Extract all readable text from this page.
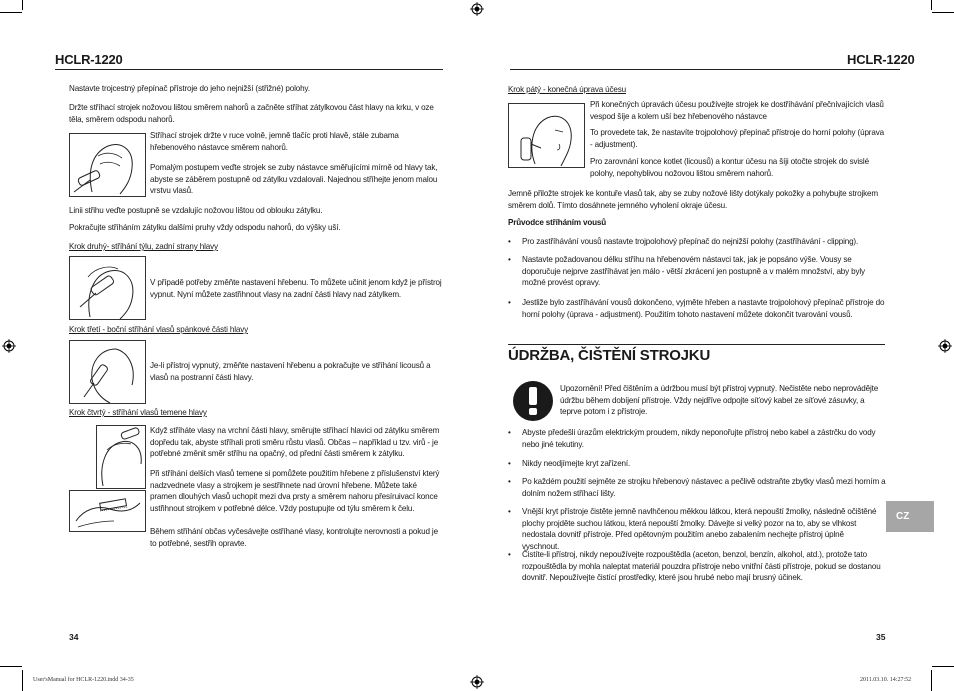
HCLR-1220	HCLR-1220
Nastavte trojcestný přepínač přístroje do jeho nejnižší (střižné) polohy.
Držte stříhací strojek nožovou lištou směrem nahorů a začněte stříhat zátylkovou část hlavy na krku, v oze těla, směrem odspodu nahorů.
Stříhací strojek držte v ruce volně, jemně tlačíc proti hlavě, stále zubama hřebenového nástavce směrem nahorů.
Pomalým postupem veďte strojek se zuby nástavce směřujícími mírně od hlavy tak, abyste se záběrem postupně od zátylku vzdalovali. Najednou stříhejte jenom malou vrstvu vlasů.
Linii střihu veďte postupně se vzdalujíc nožovou lištou od oblouku zátylku.
Pokračujte stříháním zátylku dalšími pruhy vždy odspodu nahorů, do výšky uší.
Krok druhý- stříhání týlu, zadní strany hlavy
V případě potřeby změňte nastavení hřebenu. To můžete učinit jenom když je přístroj vypnut. Nyní můžete zastřihnout vlasy na zadní části hlavy nad zátylkem.
Krok třetí - boční stříhání vlasů spánkové části hlavy
Je-li přístroj vypnutý, změňte nastavení hřebenu a pokračujte ve stříhání licousů a vlasů na postranní části hlavy.
Krok čtvrtý - stříhání vlasů temene hlavy
Když stříháte vlasy na vrchní části hlavy, směrujte stříhací hlavici od zátylku směrem dopředu tak, abyste stříhali proti směru růstu vlasů. Občas – například u tzv. virů - je potřebné změnit směr stříhu na opačný, od přední části směrem k zátylku.
Při stříhání delších vlasů temene si pomůžete použitím hřebene z příslušenství který nadzvednete vlasy a strojkem je sestřihnete nad úrovní hřebene. Můžete také pramen dlouhých vlasů uchopit mezi dva prsty a směrem nahoru přesíruivací konce ustřihnout strojkem v potřebné délce. Vždy postupujte od týlu směrem k čelu.
Během stříhání občas vyčesávejte ostříhané vlasy, kontrolujte nerovnosti a pokud je to potřebné, sestřih opravte.
34
Krok pátý - konečná úprava účesu
Při konečných úpravách účesu používejte strojek ke dostříhávání přečnívajících vlasů vespod šíje a kolem uší bez hřebenového nástavce
To provedete tak, že nastavíte trojpolohový přepínač přístroje do horní polohy (úprava - adjustment).
Pro zarovnání konce kotlet (licousů) a kontur účesu na šíji otočte strojek do svislé polohy, nepohyblivou nožovou lištou směrem nahorů.
Jemně přiložte strojek ke kontuře vlasů tak, aby se zuby nožové lišty dotýkaly pokožky a pohybujte strojkem směrem dolů. Tímto dosáhnete jemného vyholení okraje účesu.
Průvodce stříháním vousů
• Pro zastříhávání vousů nastavte trojpolohový přepínač do nejnižší polohy (zastříhávání - clipping).
• Nastavte požadovanou délku stříhu na hřebenovém nástavci tak, jak je popsáno výše. Vousy se doporučuje nejprve zastříhávat jen málo - větší zkrácení jen postupně a v malém množství, aby byly možné provést opravy.
• Jestliže bylo zastříhávání vousů dokončeno, vyjměte hřeben a nastavte trojpolohový přepínač přístroje do horní polohy (úprava - adjustment). Použitím tohoto nastavení můžete dokončit tvarování vousů.
ÚDRŽBA, ČIŠTĚNÍ STROJKU
Upozornění! Před čištěním a údržbou musí být přístroj vypnutý. Nečistěte nebo neprovádějte údržbu během dobíjení přístroje. Vždy nejdříve odpojte síťový kabel ze síťové zásuvky, a teprve potom i z přístroje.
• Abyste předešli úrazům elektrickým proudem, nikdy neponořujte přístroj nebo kabel a zástrčku do vody nebo jiné tekutiny.
• Nikdy neodjímejte kryt zařízení.
• Po každém použití sejměte ze strojku hřebenový nástavec a pečlivě odstraňte zbytky vlasů mezi horním a dolním nožem stříhací lišty.
• Vnější kryt přístroje čistěte jemně navlhčenou měkkou látkou, která nepouští žmolky, následně očištěné plochy projděte suchou látkou, která nepouští žmolky. Dávejte si velký pozor na to, aby se vlhkost nedostala dovnitř přístroje. Před opětovným použitím anebo zabalením nechejte přístroj úplně vyschnout.
• Čistíte-li přístroj, nikdy nepoužívejte rozpouštědla (aceton, benzol, benzín, alkohol, atd.), protože tato rozpouštědla by mohla naleptat materiál pouzdra přístroje nebo vnitřní části přístroje, pokud se dostanou dovnitř. Nepoužívejte čistící prostředky, které jsou hrubé nebo mají brusný účinek.
CZ
35
User'sManual for HCLR-1220.indd 34-35	2011.03.10. 14:27:52
